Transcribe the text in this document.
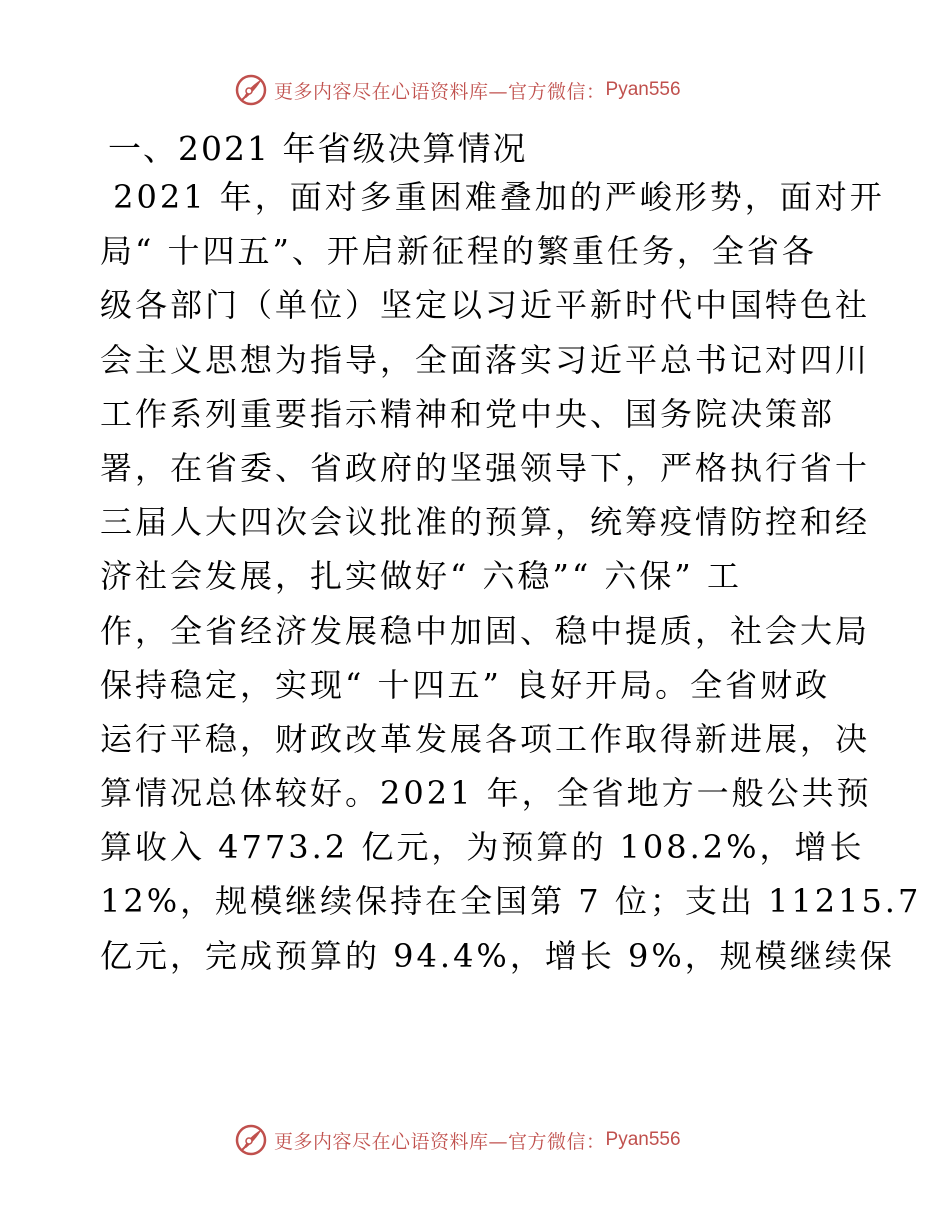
更多内容尽在心语资料库—官方微信： Pyan556
一、2021 年省级决算情况
2021 年，面对多重困难叠加的严峻形势，面对开
局“ 十四五”、开启新征程的繁重任务，全省各
级各部门（单位）坚定以习近平新时代中国特色社
会主义思想为指导，全面落实习近平总书记对四川
工作系列重要指示精神和党中央、国务院决策部
署，在省委、省政府的坚强领导下，严格执行省十
三届人大四次会议批准的预算，统筹疫情防控和经
济社会发展，扎实做好“ 六稳”“ 六保” 工
作，全省经济发展稳中加固、稳中提质，社会大局
保持稳定，实现“ 十四五” 良好开局。全省财政
运行平稳，财政改革发展各项工作取得新进展，决
算情况总体较好。2021 年，全省地方一般公共预
算收入 4773.2 亿元，为预算的 108.2%，增长
12%，规模继续保持在全国第 7 位；支出 11215.7
亿元，完成预算的 94.4%，增长 9%，规模继续保
更多内容尽在心语资料库—官方微信： Pyan556
